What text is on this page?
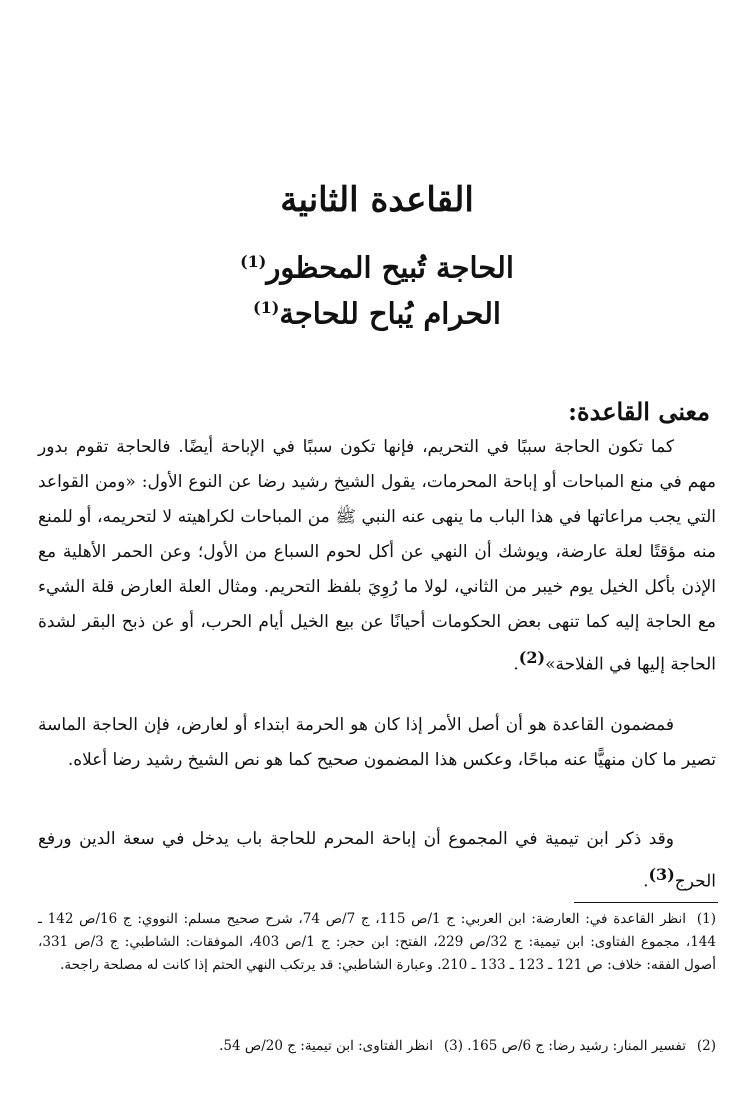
القاعدة الثانية
الحاجة تُبيح المحظور$^{(1)}$
الحرام يُباح للحاجة$^{(1)}$
معنى القاعدة:

كما تكون الحاجة سببًا في التحريم، فإنها تكون سببًا في الإباحة أيضًا. فالحاجة تقوم بدور مهم في منع المباحات أو إباحة المحرمات، يقول الشيخ رشيد رضا عن النوع الأول: «ومن القواعد التي يجب مراعاتها في هذا الباب ما ينهى عنه النبي ﷺ من المباحات لكراهيته لا لتحريمه، أو للمنع منه مؤقتًا لعلة عارضة، ويوشك أن النهي عن أكل لحوم السباع من الأول؛ وعن الحمر الأهلية مع الإذن بأكل الخيل يوم خيبر من الثاني، لولا ما رُوِيَ بلفظ التحريم. ومثال العلة العارض قلة الشيء مع الحاجة إليه كما تنهى بعض الحكومات أحيانًا عن بيع الخيل أيام الحرب، أو عن ذبح البقر لشدة الحاجة إليها في الفلاحة»(2).

فمضمون القاعدة هو أن أصل الأمر إذا كان هو الحرمة ابتداء أو لعارض، فإن الحاجة الماسة تصير ما كان منهيًّا عنه مباحًا، وعكس هذا المضمون صحيح كما هو نص الشيخ رشيد رضا أعلاه.

وقد ذكر ابن تيمية في المجموع أن إباحة المحرم للحاجة باب يدخل في سعة الدين ورفع الحرج(3).

(1)انظر القاعدة في: العارضة: ابن العربي: ج 1/ص 115، ج 7/ص 74، شرح صحيح مسلم: النووي: ج 16/ص 142 ـ 144، مجموع الفتاوى: ابن تيمية: ج 32/ص 229، الفتح: ابن حجر: ج 1/ص 403، الموفقات: الشاطبي: ج 3/ص 331، أصول الفقه: خلاف: ص 121 ـ 123 ـ 133 ـ 210. وعبارة الشاطبي: قد يرتكب النهي الحتم إذا كانت له مصلحة راجحة.
(2)تفسير المنار: رشيد رضا: ج 6/ص 165. (3)انظر الفتاوى: ابن تيمية: ج 20/ص 54.
